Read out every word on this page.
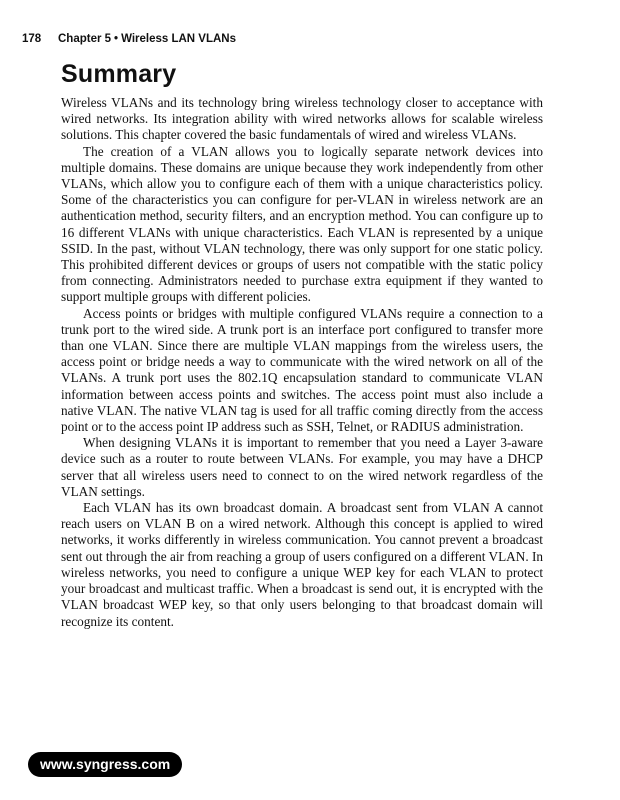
178 Chapter 5 • Wireless LAN VLANs
Summary

Wireless VLANs and its technology bring wireless technology closer to acceptance with wired networks. Its integration ability with wired networks allows for scalable wireless solutions. This chapter covered the basic fundamentals of wired and wireless VLANs.

The creation of a VLAN allows you to logically separate network devices into multiple domains. These domains are unique because they work independently from other VLANs, which allow you to configure each of them with a unique characteristics policy. Some of the characteristics you can configure for per-VLAN in wireless network are an authentication method, security filters, and an encryption method. You can configure up to 16 different VLANs with unique characteristics. Each VLAN is represented by a unique SSID. In the past, without VLAN technology, there was only support for one static policy. This prohibited different devices or groups of users not compatible with the static policy from connecting. Administrators needed to purchase extra equipment if they wanted to support multiple groups with different policies.

Access points or bridges with multiple configured VLANs require a connection to a trunk port to the wired side. A trunk port is an interface port configured to transfer more than one VLAN. Since there are multiple VLAN mappings from the wireless users, the access point or bridge needs a way to communicate with the wired network on all of the VLANs. A trunk port uses the 802.1Q encapsulation standard to communicate VLAN information between access points and switches. The access point must also include a native VLAN. The native VLAN tag is used for all traffic coming directly from the access point or to the access point IP address such as SSH, Telnet, or RADIUS administration.

When designing VLANs it is important to remember that you need a Layer 3-aware device such as a router to route between VLANs. For example, you may have a DHCP server that all wireless users need to connect to on the wired network regardless of the VLAN settings.

Each VLAN has its own broadcast domain. A broadcast sent from VLAN A cannot reach users on VLAN B on a wired network. Although this concept is applied to wired networks, it works differently in wireless communication. You cannot prevent a broadcast sent out through the air from reaching a group of users configured on a different VLAN. In wireless networks, you need to configure a unique WEP key for each VLAN to protect your broadcast and multicast traffic. When a broadcast is send out, it is encrypted with the VLAN broadcast WEP key, so that only users belonging to that broadcast domain will recognize its content.

www.syngress.com
